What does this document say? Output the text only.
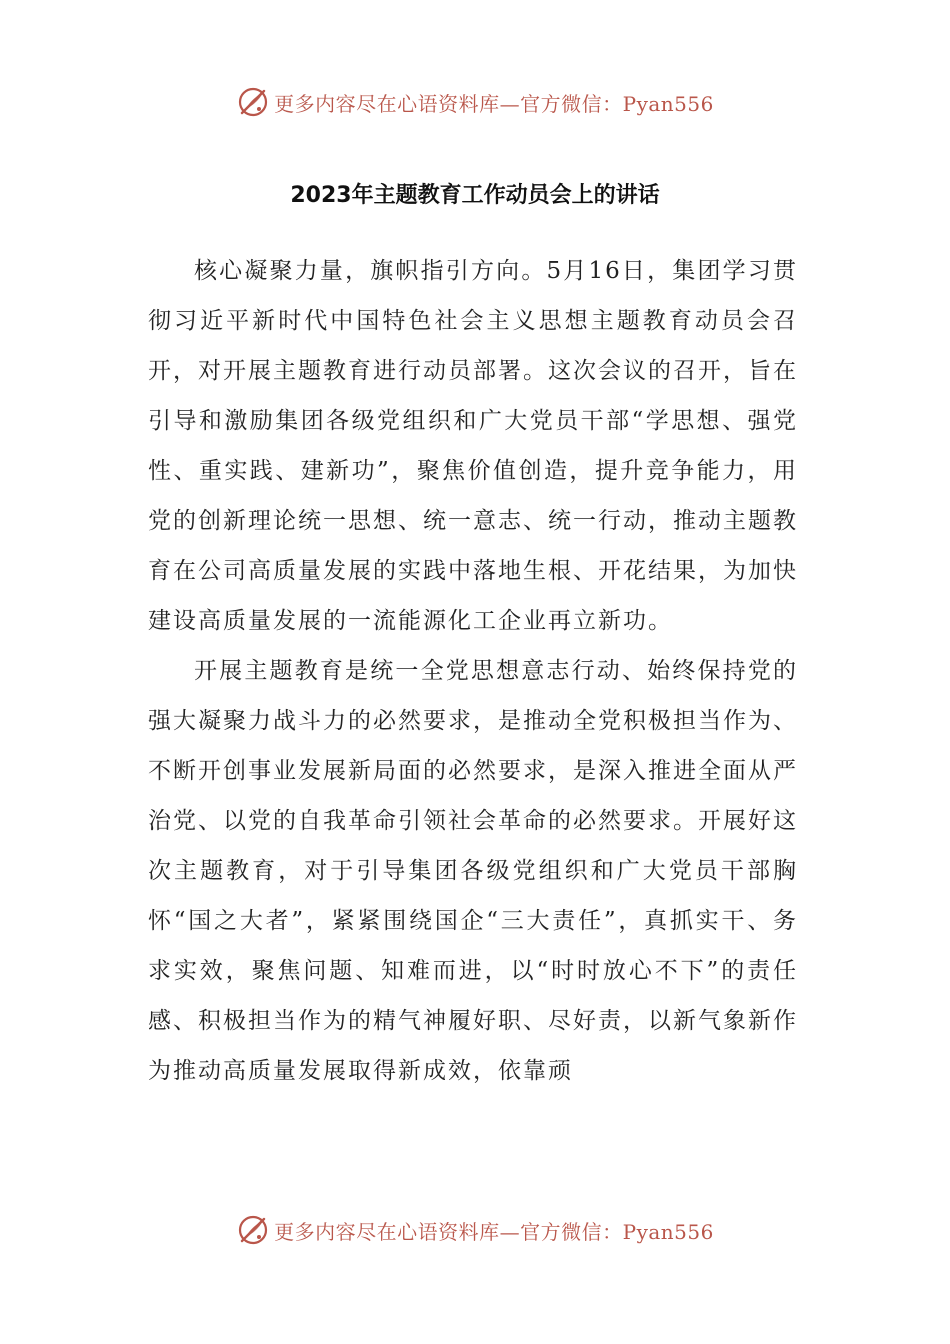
更多内容尽在心语资料库—官方微信：Pyan556
2023年主题教育工作动员会上的讲话

核心凝聚力量，旗帜指引方向。5月16日，集团学习贯彻习近平新时代中国特色社会主义思想主题教育动员会召开，对开展主题教育进行动员部署。这次会议的召开，旨在引导和激励集团各级党组织和广大党员干部“学思想、强党性、重实践、建新功”，聚焦价值创造，提升竞争能力，用党的创新理论统一思想、统一意志、统一行动，推动主题教育在公司高质量发展的实践中落地生根、开花结果，为加快建设高质量发展的一流能源化工企业再立新功。

开展主题教育是统一全党思想意志行动、始终保持党的强大凝聚力战斗力的必然要求，是推动全党积极担当作为、不断开创事业发展新局面的必然要求，是深入推进全面从严治党、以党的自我革命引领社会革命的必然要求。开展好这次主题教育，对于引导集团各级党组织和广大党员干部胸怀“国之大者”，紧紧围绕国企“三大责任”，真抓实干、务求实效，聚焦问题、知难而进，以“时时放心不下”的责任感、积极担当作为的精气神履好职、尽好责，以新气象新作为推动高质量发展取得新成效，依靠顽

更多内容尽在心语资料库—官方微信：Pyan556
